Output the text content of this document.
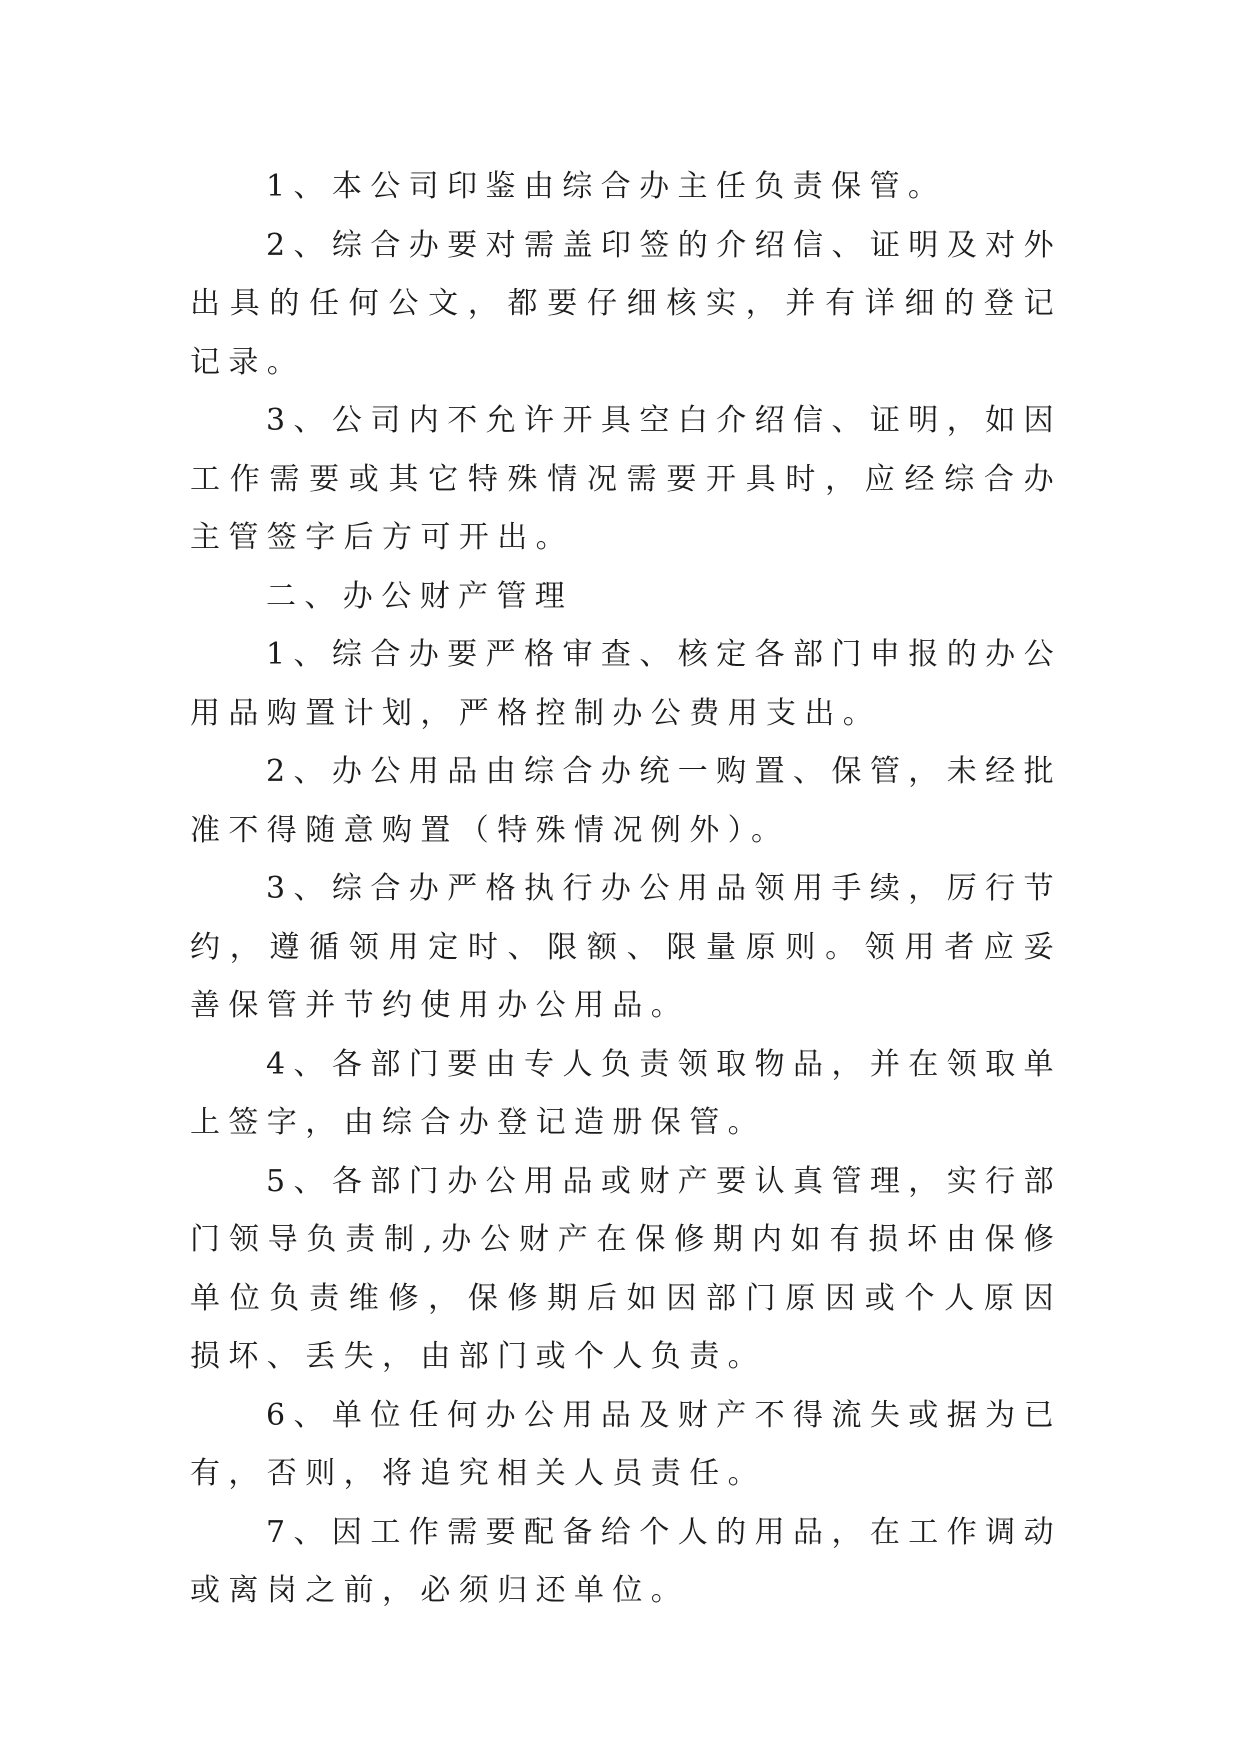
1、本公司印鉴由综合办主任负责保管。

2、综合办要对需盖印签的介绍信、证明及对外出具的任何公文，都要仔细核实，并有详细的登记记录。

3、公司内不允许开具空白介绍信、证明，如因工作需要或其它特殊情况需要开具时，应经综合办主管签字后方可开出。

二、办公财产管理

1、综合办要严格审查、核定各部门申报的办公用品购置计划，严格控制办公费用支出。

2、办公用品由综合办统一购置、保管，未经批准不得随意购置（特殊情况例外）。

3、综合办严格执行办公用品领用手续，厉行节约，遵循领用定时、限额、限量原则。领用者应妥善保管并节约使用办公用品。

4、各部门要由专人负责领取物品，并在领取单上签字，由综合办登记造册保管。

5、各部门办公用品或财产要认真管理，实行部门领导负责制,办公财产在保修期内如有损坏由保修单位负责维修，保修期后如因部门原因或个人原因损坏、丢失，由部门或个人负责。

6、单位任何办公用品及财产不得流失或据为已有，否则，将追究相关人员责任。

7、因工作需要配备给个人的用品，在工作调动或离岗之前，必须归还单位。
